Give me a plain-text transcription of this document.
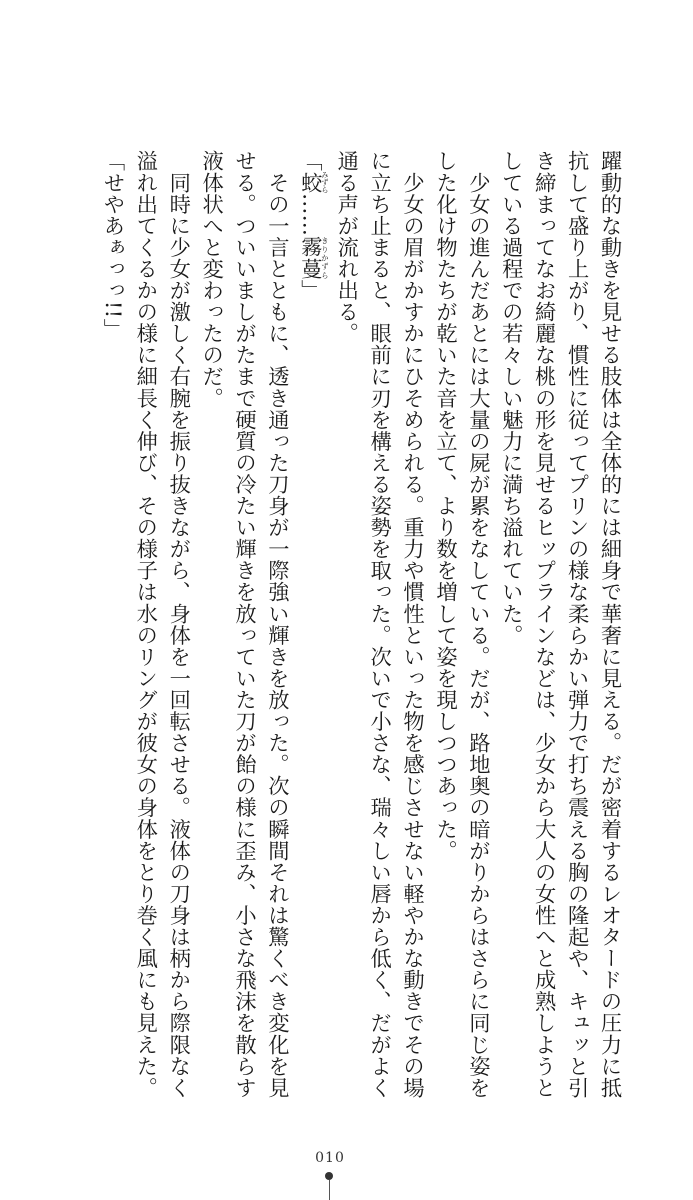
躍動的な動きを見せる肢体は全体的には細身で華奢に見える。だが密着するレオタードの圧力に抵抗して盛り上がり、慣性に従ってプリンの様な柔らかい弾力で打ち震える胸の隆起や、キュッと引き締まってなお綺麗な桃の形を見せるヒップラインなどは、少女から大人の女性へと成熟しようとしている過程での若々しい魅力に満ち溢れていた。

　少女の進んだあとには大量の屍が累をなしている。だが、路地奥の暗がりからはさらに同じ姿をした化け物たちが乾いた音を立て、より数を増して姿を現しつつあった。

　少女の眉がかすかにひそめられる。重力や慣性といった物を感じさせない軽やかな動きでその場に立ち止まると、眼前に刃を構える姿勢を取った。次いで小さな、瑞々しい唇から低く、だがよく通る声が流れ出る。

「蛟みずら……霧蔓きりかずら」

　その一言とともに、透き通った刀身が一際強い輝きを放った。次の瞬間それは驚くべき変化を見せる。ついいましがたまで硬質の冷たい輝きを放っていた刀が飴の様に歪み、小さな飛沫を散らす液体状へと変わったのだ。

　同時に少女が激しく右腕を振り抜きながら、身体を一回転させる。液体の刀身は柄から際限なく溢れ出てくるかの様に細長く伸び、その様子は水のリングが彼女の身体をとり巻く風にも見えた。

「せやあぁっっ!!」

010
